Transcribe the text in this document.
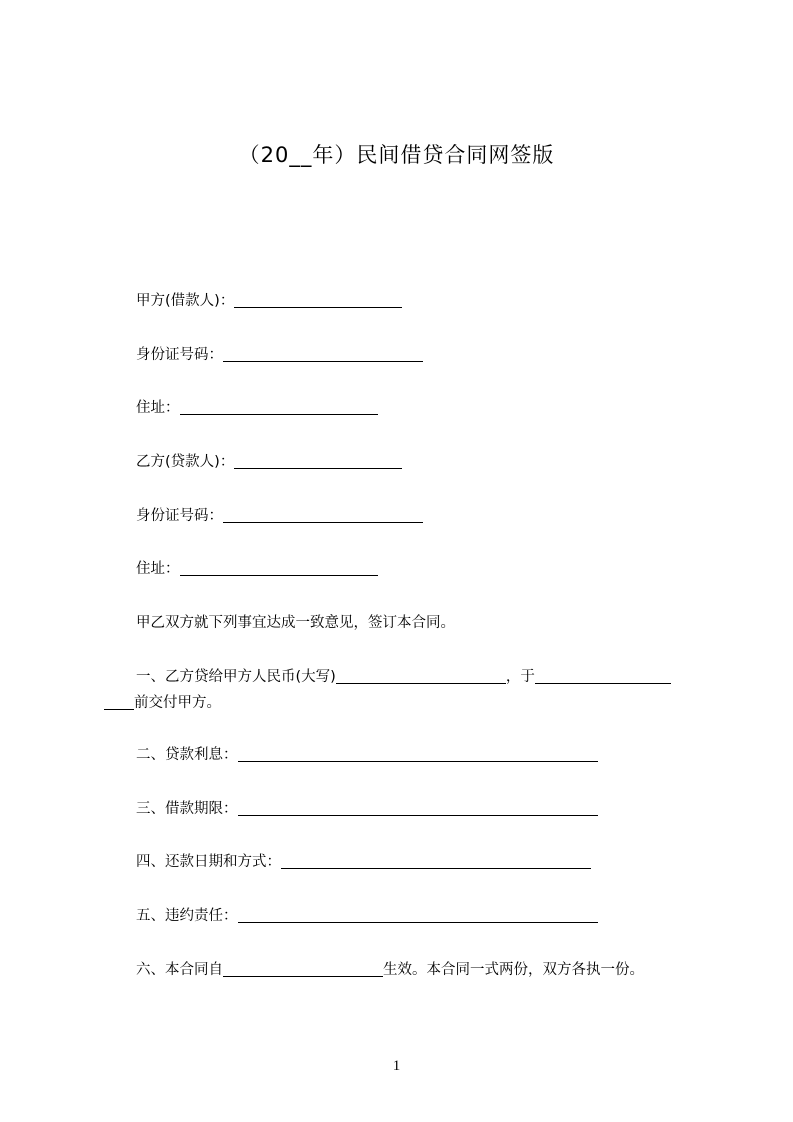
（20__年）民间借贷合同网签版
甲方(借款人)：
身份证号码：
住址：
乙方(贷款人)：
身份证号码：
住址：
甲乙双方就下列事宜达成一致意见，签订本合同。
一、乙方贷给甲方人民币(大写)	，于
前交付甲方。
二、贷款利息：
三、借款期限：
四、还款日期和方式：
五、违约责任：
六、本合同自	生效。本合同一式两份，双方各执一份。
1
